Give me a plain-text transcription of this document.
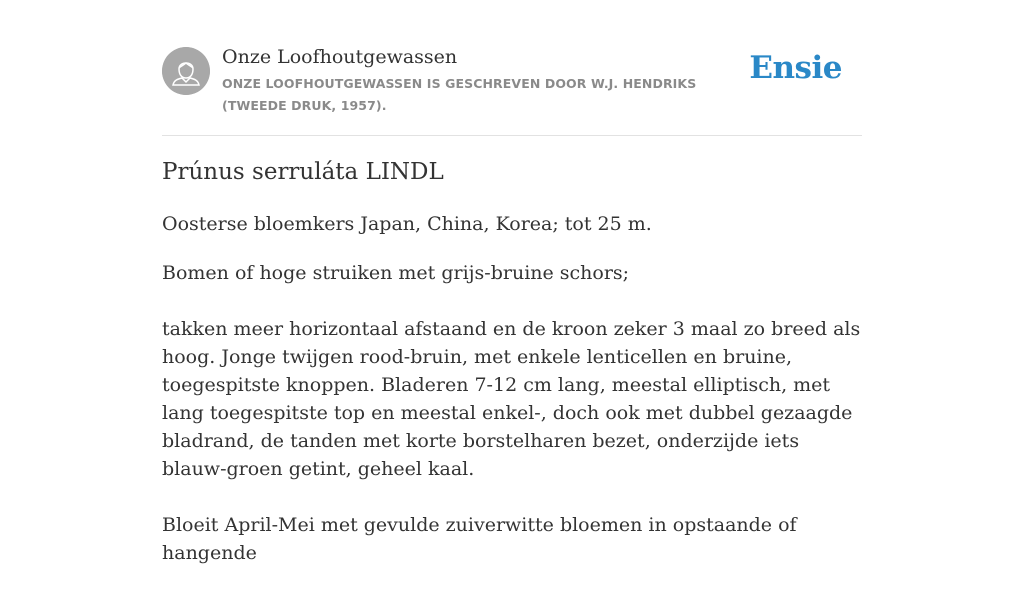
Onze Loofhoutgewassen
ONZE LOOFHOUTGEWASSEN IS GESCHREVEN DOOR W.J. HENDRIKS (TWEEDE DRUK, 1957).
Ensie
Prúnus serruláta LINDL
Oosterse bloemkers Japan, China, Korea; tot 25 m.

Bomen of hoge struiken met grijs-bruine schors;

takken meer horizontaal afstaand en de kroon zeker 3 maal zo breed als hoog. Jonge twijgen rood-bruin, met enkele lenticellen en bruine, toegespitste knoppen. Bladeren 7-12 cm lang, meestal elliptisch, met lang toegespitste top en meestal enkel-, doch ook met dubbel gezaagde bladrand, de tanden met korte borstelharen bezet, onderzijde iets blauw-groen getint, geheel kaal.

Bloeit April-Mei met gevulde zuiverwitte bloemen in opstaande of hangende
